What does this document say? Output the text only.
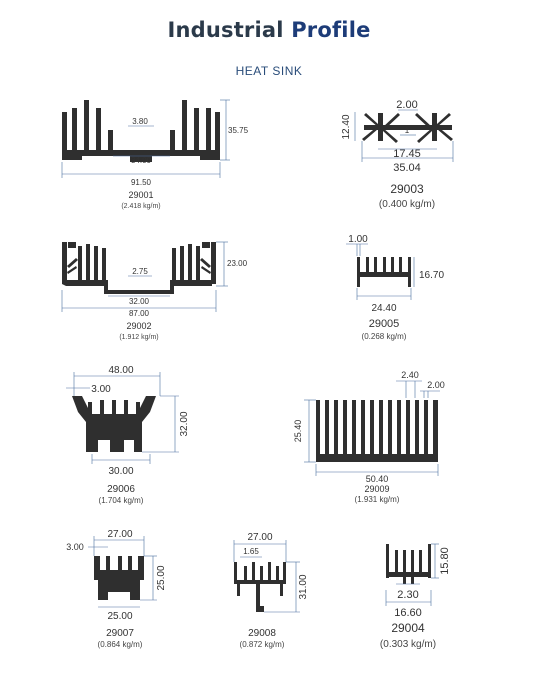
Industrial Profile
HEAT SINK
3.80
34.00
35.75
91.50
29001
(2.418 kg/m)
2.00
12.40	1
17.45
35.04
29003
(0.400 kg/m)
2.75
32.00
87.00
23.00
29002
(1.912 kg/m)
1.00
16.70
24.40
29005
(0.268 kg/m)
48.00
3.00
32.00
30.00
29006
(1.704 kg/m)
2.40
2.00
25.40
50.40
29009
(1.931 kg/m)
27.00
3.00
25.00
25.00
29007
(0.864 kg/m)
27.00
1.65
31.00
29008
(0.872 kg/m)
15.80
2.30
16.60
29004
(0.303 kg/m)
